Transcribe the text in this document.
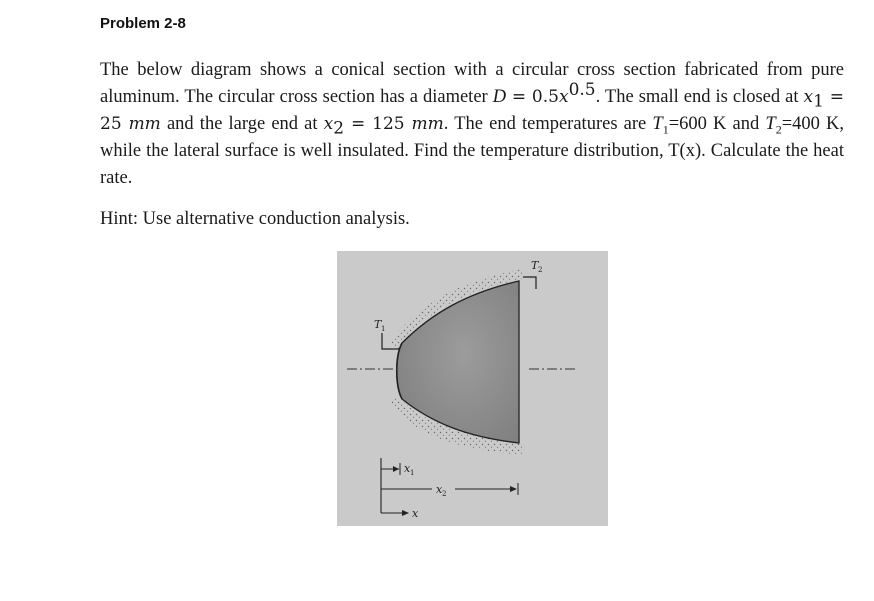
Problem 2-8
The below diagram shows a conical section with a circular cross section fabricated from pure aluminum. The circular cross section has a diameter $D = 0.5x^{0.5}$. The small end is closed at $x_1 = 25$ mm and the large end at $x_2 = 125$ mm. The end temperatures are $T_1=600$ K and $T_2=400$ K, while the lateral surface is well insulated. Find the temperature distribution, T(x). Calculate the heat rate.
Hint: Use alternative conduction analysis.
T 1
T 2
x 1
x 2
x
